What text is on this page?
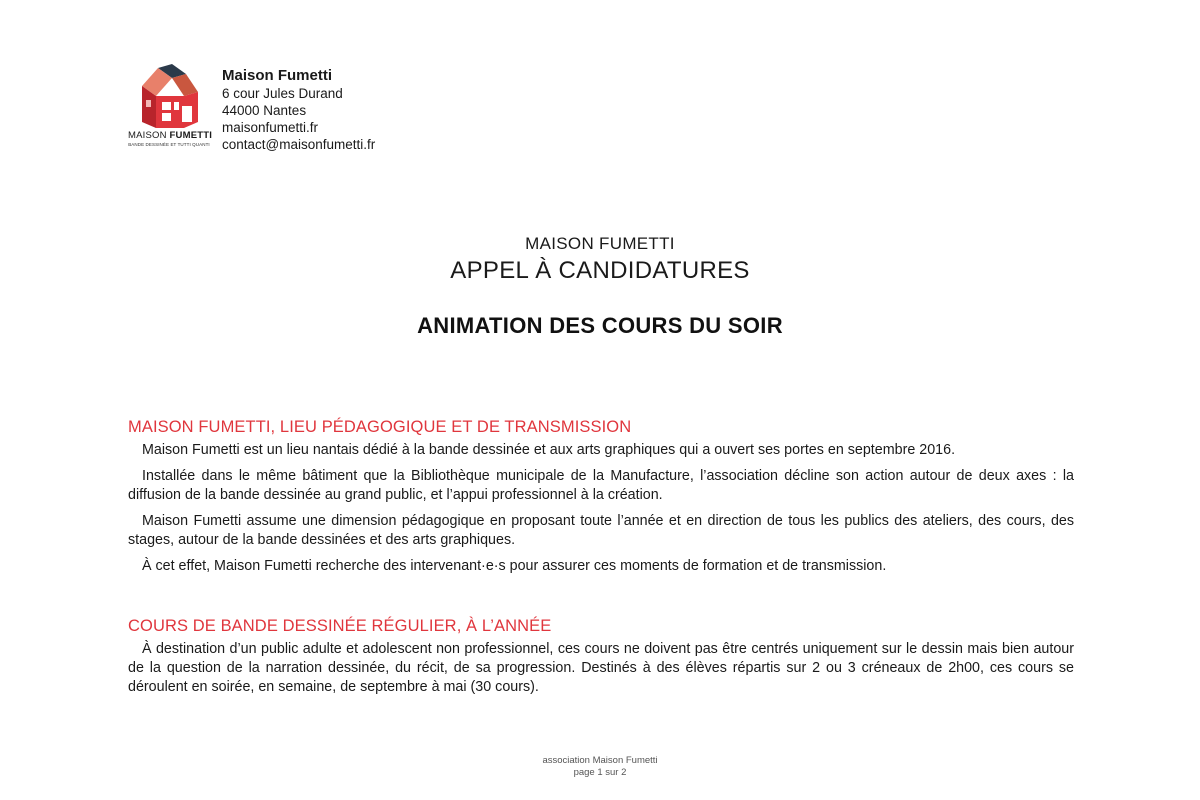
MAISON FUMETTI
BANDE DESSINÉE ET TUTTI QUANTI
Maison Fumetti
6 cour Jules Durand
44000 Nantes
maisonfumetti.fr
contact@maisonfumetti.fr
MAISON FUMETTI
APPEL À CANDIDATURES
ANIMATION DES COURS DU SOIR
MAISON FUMETTI, LIEU PÉDAGOGIQUE ET DE TRANSMISSION

Maison Fumetti est un lieu nantais dédié à la bande dessinée et aux arts graphiques qui a ouvert ses portes en septembre 2016.

Installée dans le même bâtiment que la Bibliothèque municipale de la Manufacture, l’association décline son action autour de deux axes : la diffusion de la bande dessinée au grand public, et l’appui professionnel à la création.

Maison Fumetti assume une dimension pédagogique en proposant toute l’année et en direction de tous les publics des ateliers, des cours, des stages, autour de la bande dessinées et des arts graphiques.

À cet effet, Maison Fumetti recherche des intervenant·e·s pour assurer ces moments de formation et de transmission.

COURS DE BANDE DESSINÉE RÉGULIER, À L’ANNÉE

À destination d’un public adulte et adolescent non professionnel, ces cours ne doivent pas être centrés uniquement sur le dessin mais bien autour de la question de la narration dessinée, du récit, de sa progression. Destinés à des élèves répartis sur 2 ou 3 créneaux de 2h00, ces cours se déroulent en soirée, en semaine, de septembre à mai (30 cours).

association Maison Fumetti
page 1 sur 2
